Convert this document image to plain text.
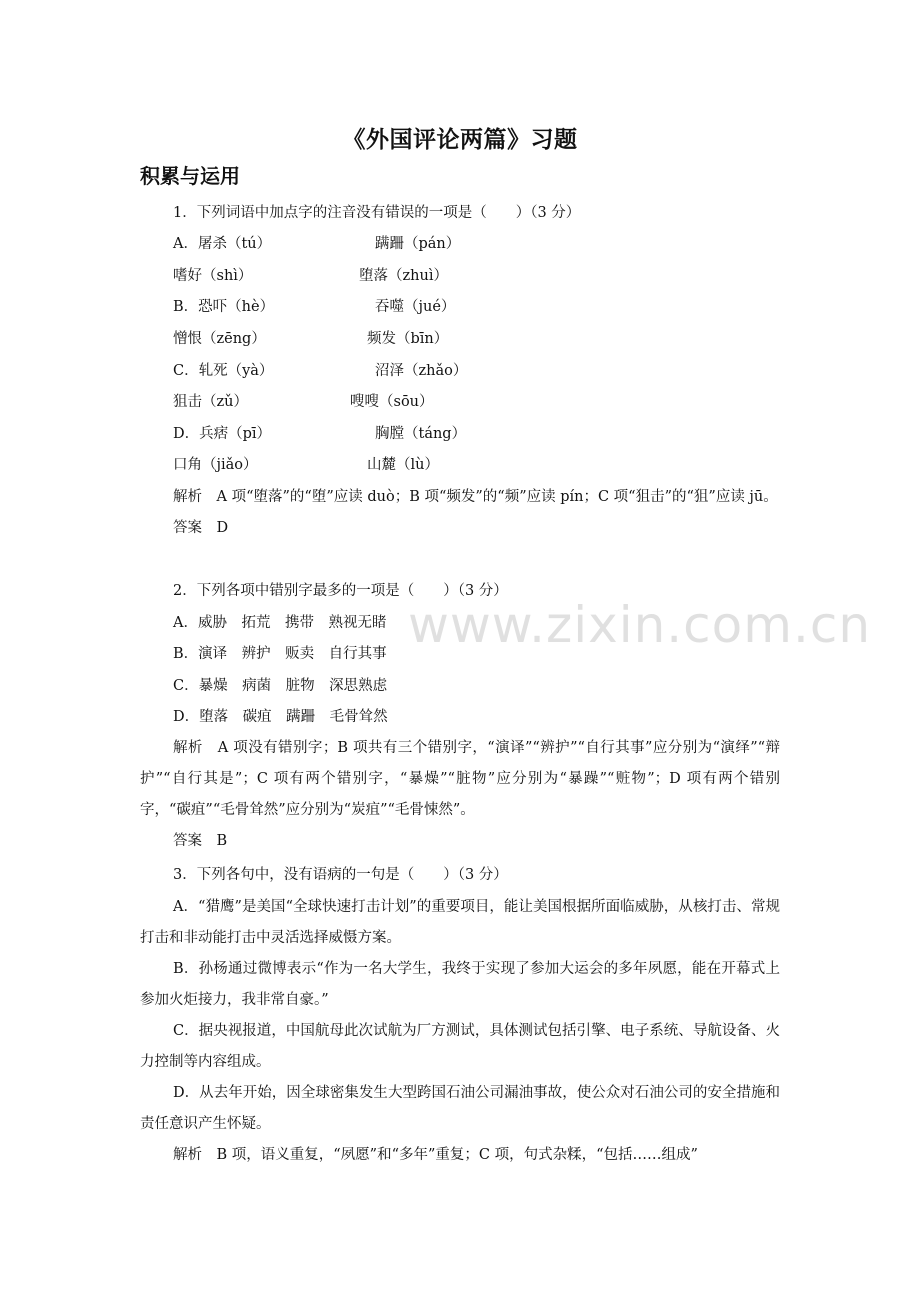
《外国评论两篇》习题
积累与运用
1．下列词语中加点字的注音没有错误的一项是（　　）（3 分）
A．屠杀（tú）	蹒跚（pán）
嗜好（shì）	堕落（zhuì）
B．恐吓（hè）	吞噬（jué）
憎恨（zēng）	频发（bīn）
C．轧死（yà）	沼泽（zhǎo）
狙击（zǔ）	嗖嗖（sōu）
D．兵痞（pī）	胸膛（táng）
口角（jiǎo）	山麓（lù）

解析　A 项“堕落”的“堕”应读 duò；B 项“频发”的“频”应读 pín；C 项“狙击”的“狙”应读 jū。

答案　D

2．下列各项中错别字最多的一项是（　　）（3 分）
A．威胁　拓荒　携带　熟视无睹
B．演译　辨护　贩卖　自行其事
C．暴燥　病菌　脏物　深思熟虑
D．堕落　碳疽　蹒跚　毛骨耸然

解析　A 项没有错别字；B 项共有三个错别字，“演译”“辨护”“自行其事”应分别为“演绎”“辩护”“自行其是”；C 项有两个错别字，“暴燥”“脏物”应分别为“暴躁”“赃物”；D 项有两个错别字，“碳疽”“毛骨耸然”应分别为“炭疽”“毛骨悚然”。

答案　B

3．下列各句中，没有语病的一句是（　　）（3 分）

A．“猎鹰”是美国“全球快速打击计划”的重要项目，能让美国根据所面临威胁，从核打击、常规打击和非动能打击中灵活选择威慑方案。

B．孙杨通过微博表示“作为一名大学生，我终于实现了参加大运会的多年夙愿，能在开幕式上参加火炬接力，我非常自豪。”

C．据央视报道，中国航母此次试航为厂方测试，具体测试包括引擎、电子系统、导航设备、火力控制等内容组成。

D．从去年开始，因全球密集发生大型跨国石油公司漏油事故，使公众对石油公司的安全措施和责任意识产生怀疑。

解析　B 项，语义重复，“夙愿”和“多年”重复；C 项，句式杂糅，“包括……组成”

www.zixin.com.cn
